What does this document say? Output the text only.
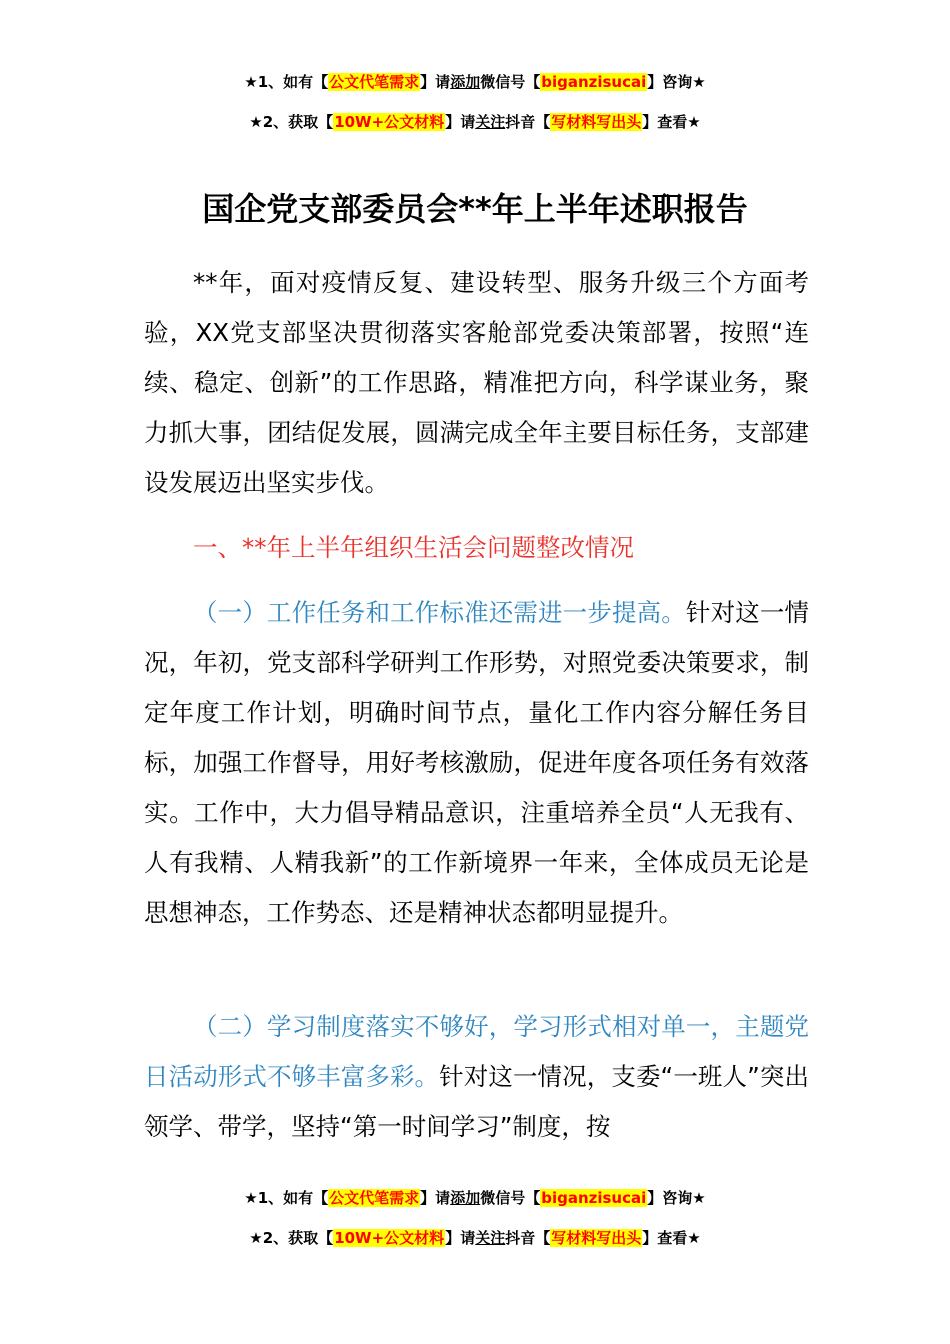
★1、如有【公文代笔需求】请添加微信号【biganzisucai】咨询★
★2、获取【10W+公文材料】请关注抖音【写材料写出头】查看★
国企党支部委员会**年上半年述职报告

**年，面对疫情反复、建设转型、服务升级三个方面考验，XX党支部坚决贯彻落实客舱部党委决策部署，按照“连续、稳定、创新”的工作思路，精准把方向，科学谋业务，聚力抓大事，团结促发展，圆满完成全年主要目标任务，支部建设发展迈出坚实步伐。

一、**年上半年组织生活会问题整改情况

（一）工作任务和工作标准还需进一步提高。针对这一情况，年初，党支部科学研判工作形势，对照党委决策要求，制定年度工作计划，明确时间节点，量化工作内容分解任务目标，加强工作督导，用好考核激励，促进年度各项任务有效落实。工作中，大力倡导精品意识，注重培养全员“人无我有、人有我精、人精我新”的工作新境界一年来，全体成员无论是思想神态，工作势态、还是精神状态都明显提升。

（二）学习制度落实不够好，学习形式相对单一，主题党日活动形式不够丰富多彩。针对这一情况，支委“一班人”突出领学、带学，坚持“第一时间学习”制度，按

★1、如有【公文代笔需求】请添加微信号【biganzisucai】咨询★
★2、获取【10W+公文材料】请关注抖音【写材料写出头】查看★
